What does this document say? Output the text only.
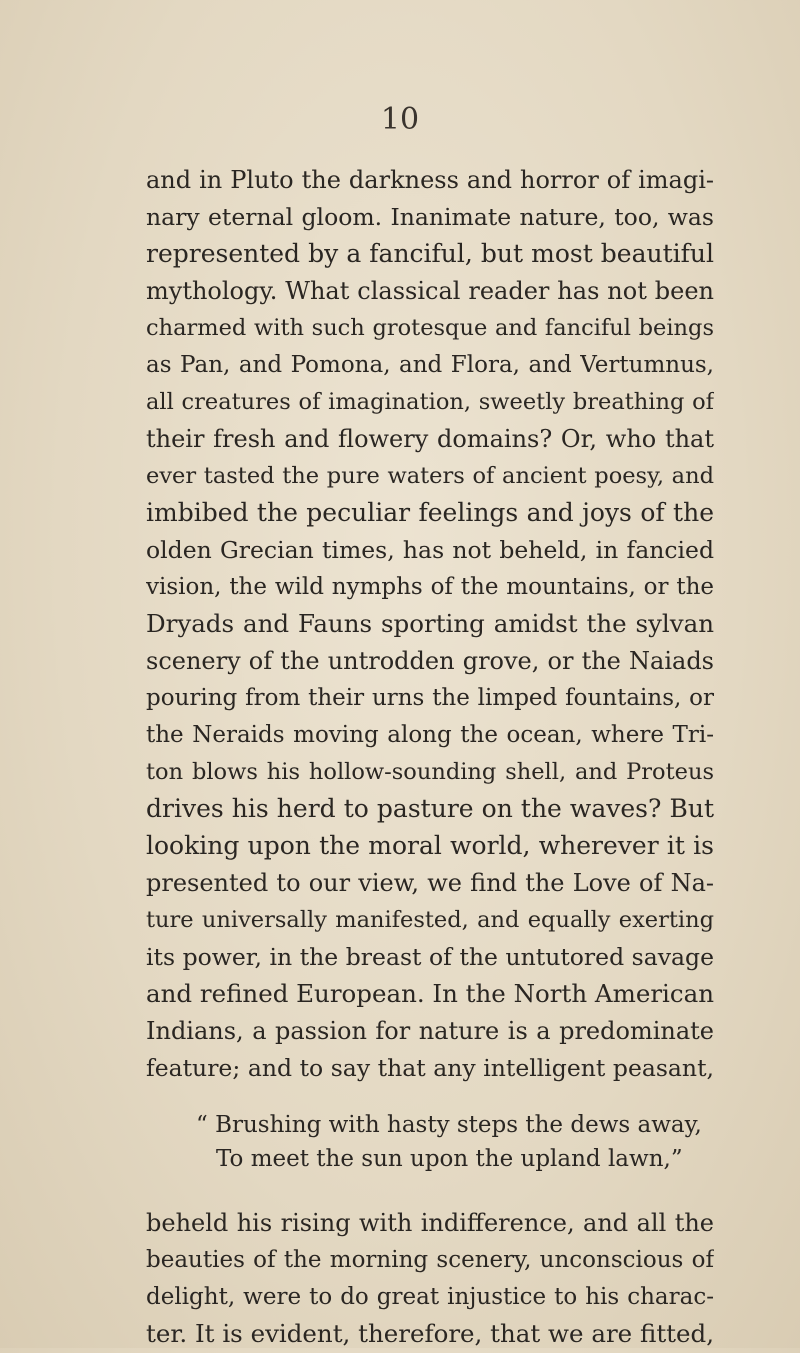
10
and in Pluto the darkness and horror of imagi-
nary eternal gloom. Inanimate nature, too, was
represented by a fanciful, but most beautiful
mythology. What classical reader has not been
charmed with such grotesque and fanciful beings
as Pan, and Pomona, and Flora, and Vertumnus,
all creatures of imagination, sweetly breathing of
their fresh and flowery domains? Or, who that
ever tasted the pure waters of ancient poesy, and
imbibed the peculiar feelings and joys of the
olden Grecian times, has not beheld, in fancied
vision, the wild nymphs of the mountains, or the
Dryads and Fauns sporting amidst the sylvan
scenery of the untrodden grove, or the Naiads
pouring from their urns the limped fountains, or
the Neraids moving along the ocean, where Tri-
ton blows his hollow-sounding shell, and Proteus
drives his herd to pasture on the waves? But
looking upon the moral world, wherever it is
presented to our view, we find the Love of Na-
ture universally manifested, and equally exerting
its power, in the breast of the untutored savage
and refined European. In the North American
Indians, a passion for nature is a predominate
feature; and to say that any intelligent peasant,
“ Brushing with hasty steps the dews away,
To meet the sun upon the upland lawn,”
beheld his rising with indifference, and all the
beauties of the morning scenery, unconscious of
delight, were to do great injustice to his charac-
ter. It is evident, therefore, that we are fitted,
